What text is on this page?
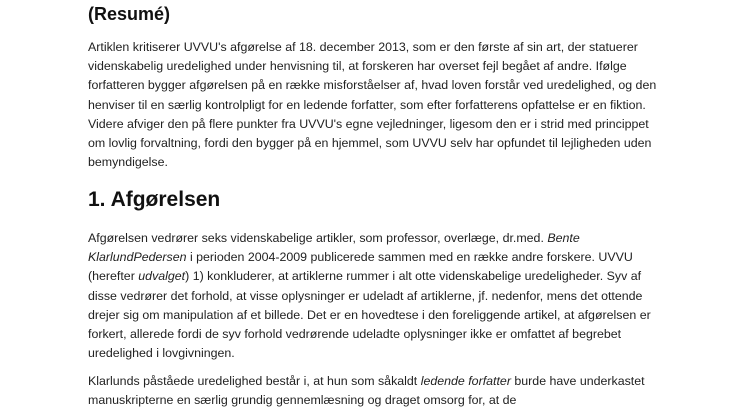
(Resumé)

Artiklen kritiserer UVVU's afgørelse af 18. december 2013, som er den første af sin art, der statuerer videnskabelig uredelighed under henvisning til, at forskeren har overset fejl begået af andre. Ifølge forfatteren bygger afgørelsen på en række misforståelser af, hvad loven forstår ved uredelighed, og den henviser til en særlig kontrolpligt for en ledende forfatter, som efter forfatterens opfattelse er en fiktion. Videre afviger den på flere punkter fra UVVU's egne vejledninger, ligesom den er i strid med princippet om lovlig forvaltning, fordi den bygger på en hjemmel, som UVVU selv har opfundet til lejligheden uden bemyndigelse.

1. Afgørelsen

Afgørelsen vedrører seks videnskabelige artikler, som professor, overlæge, dr.med. Bente KlarlundPedersen i perioden 2004-2009 publicerede sammen med en række andre forskere. UVVU (herefter udvalget) 1) konkluderer, at artiklerne rummer i alt otte videnskabelige uredeligheder. Syv af disse vedrører det forhold, at visse oplysninger er udeladt af artiklerne, jf. nedenfor, mens det ottende drejer sig om manipulation af et billede. Det er en hovedtese i den foreliggende artikel, at afgørelsen er forkert, allerede fordi de syv forhold vedrørende udeladte oplysninger ikke er omfattet af begrebet uredelighed i lovgivningen.

Klarlunds påståede uredelighed består i, at hun som såkaldt ledende forfatter burde have underkastet manuskripterne en særlig grundig gennemlæsning og draget omsorg for, at de
